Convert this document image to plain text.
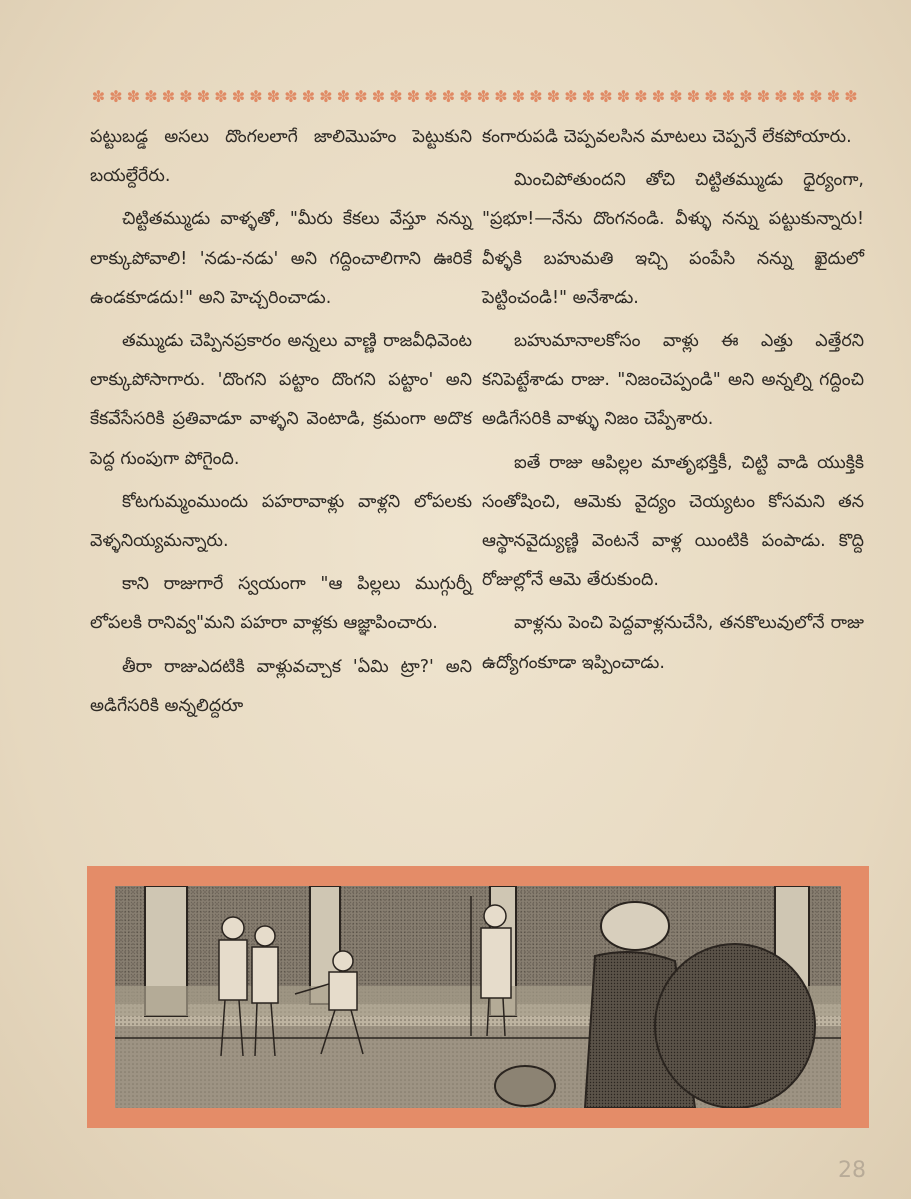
✽ ✽ ✽ ✽ ✽ ✽ ✽ ✽ ✽ ✽ ✽ ✽ ✽ ✽ ✽ ✽ ✽ ✽ ✽ ✽ ✽ ✽ ✽ ✽ ✽ ✽ ✽ ✽ ✽ ✽ ✽ ✽ ✽ ✽ ✽ ✽ ✽ ✽ ✽ ✽ ✽ ✽ ✽ ✽

పట్టుబడ్డ అసలు దొంగలలాగే జాలిమొహం పెట్టుకుని బయల్దేరేరు.

చిట్టితమ్ముడు వాళ్ళతో, "మీరు కేకలు వేస్తూ నన్ను లాక్కుపోవాలి! 'నడు-నడు' అని గద్దించాలిగాని ఊరికే ఉండకూడదు!" అని హెచ్చరించాడు.

తమ్ముడు చెప్పినప్రకారం అన్నలు వాణ్ణి రాజవీధివెంట లాక్కుపోసాగారు. 'దొంగని పట్టాం దొంగని పట్టాం' అని కేకవేసేసరికి ప్రతివాడూ వాళ్ళని వెంటాడి, క్రమంగా అదొక పెద్ద గుంపుగా పోగైంది.

కోటగుమ్మంముందు పహరావాళ్లు వాళ్లని లోపలకు వెళ్ళనియ్యమన్నారు.

కాని రాజుగారే స్వయంగా "ఆ పిల్లలు ముగ్గుర్నీ లోపలకి రానివ్వ"మని పహరా వాళ్లకు ఆజ్ఞాపించారు.

తీరా రాజుఎదటికి వాళ్లువచ్చాక 'ఏమి ట్రా?' అని అడిగేసరికి అన్నలిద్దరూ

కంగారుపడి చెప్పవలసిన మాటలు చెప్పనే లేకపోయారు.

మించిపోతుందని తోచి చిట్టితమ్ముడు ధైర్యంగా, "ప్రభూ!—నేను దొంగనండి. వీళ్ళు నన్ను పట్టుకున్నారు! వీళ్ళకి బహుమతి ఇచ్చి పంపేసి నన్ను ఖైదులో పెట్టించండి!" అనేశాడు.

బహుమానాలకోసం వాళ్లు ఈ ఎత్తు ఎత్తేరని కనిపెట్టేశాడు రాజు. "నిజంచెప్పండి" అని అన్నల్ని గద్దించి అడిగేసరికి వాళ్ళు నిజం చెప్పేశారు.

ఐతే రాజు ఆపిల్లల మాతృభక్తికీ, చిట్టి వాడి యుక్తికి సంతోషించి, ఆమెకు వైద్యం చెయ్యటం కోసమని తన ఆస్థానవైద్యుణ్ణి వెంటనే వాళ్ల యింటికి పంపాడు. కొద్ది రోజుల్లోనే ఆమె తేరుకుంది.

వాళ్లను పెంచి పెద్దవాళ్లనుచేసి, తనకొలువులోనే రాజు ఉద్యోగంకూడా ఇప్పించాడు.

28
